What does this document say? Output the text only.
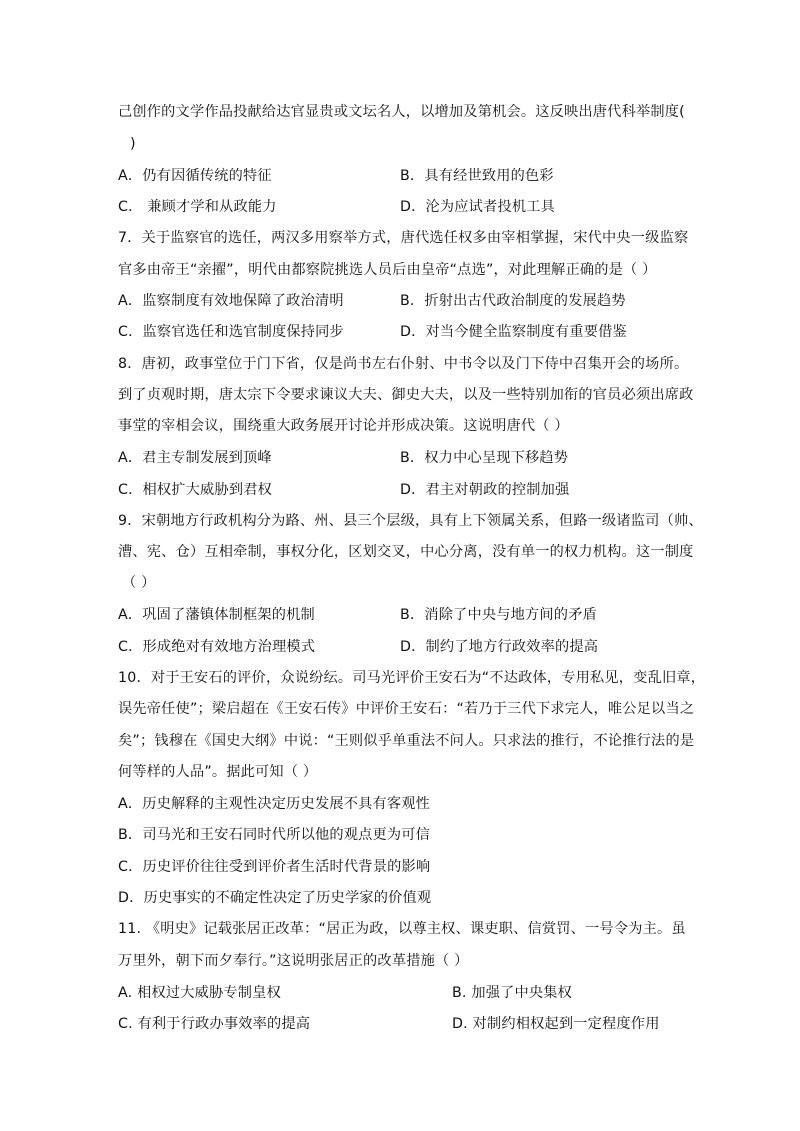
己创作的文学作品投献给达官显贵或文坛名人，以增加及第机会。这反映出唐代科举制度(
)
A．仍有因循传统的特征	B．具有经世致用的色彩
C． 兼顾才学和从政能力	D．沦为应试者投机工具
7．关于监察官的选任，两汉多用察举方式，唐代选任权多由宰相掌握，宋代中央一级监察
官多由帝王“亲擢”，明代由都察院挑选人员后由皇帝“点选”，对此理解正确的是（ ）
A．监察制度有效地保障了政治清明	B．折射出古代政治制度的发展趋势
C．监察官选任和选官制度保持同步	D．对当今健全监察制度有重要借鉴
8．唐初，政事堂位于门下省，仅是尚书左右仆射、中书令以及门下侍中召集开会的场所。
到了贞观时期，唐太宗下令要求谏议大夫、御史大夫，以及一些特别加衔的官员必须出席政
事堂的宰相会议，围绕重大政务展开讨论并形成决策。这说明唐代（ ）
A．君主专制发展到顶峰	B．权力中心呈现下移趋势
C．相权扩大威胁到君权	D．君主对朝政的控制加强
9．宋朝地方行政机构分为路、州、县三个层级，具有上下领属关系，但路一级诸监司（帅、
漕、宪、仓）互相牵制，事权分化，区划交叉，中心分离，没有单一的权力机构。这一制度
（ ）
A．巩固了藩镇体制框架的机制	B．消除了中央与地方间的矛盾
C．形成绝对有效地方治理模式	D．制约了地方行政效率的提高
10．对于王安石的评价，众说纷纭。司马光评价王安石为“不达政体，专用私见，变乱旧章，
误先帝任使”；梁启超在《王安石传》中评价王安石：“若乃于三代下求完人，唯公足以当之
矣”；钱穆在《国史大纲》中说：“王则似乎单重法不问人。只求法的推行，不论推行法的是
何等样的人品”。据此可知（ ）
A．历史解释的主观性决定历史发展不具有客观性
B．司马光和王安石同时代所以他的观点更为可信
C．历史评价往往受到评价者生活时代背景的影响
D．历史事实的不确定性决定了历史学家的价值观
11. 《明史》记载张居正改革：“居正为政，以尊主权、课吏职、信赏罚、一号令为主。虽
万里外，朝下而夕奉行。”这说明张居正的改革措施（ ）
A. 相权过大威胁专制皇权	B. 加强了中央集权
C. 有利于行政办事效率的提高	D. 对制约相权起到一定程度作用
